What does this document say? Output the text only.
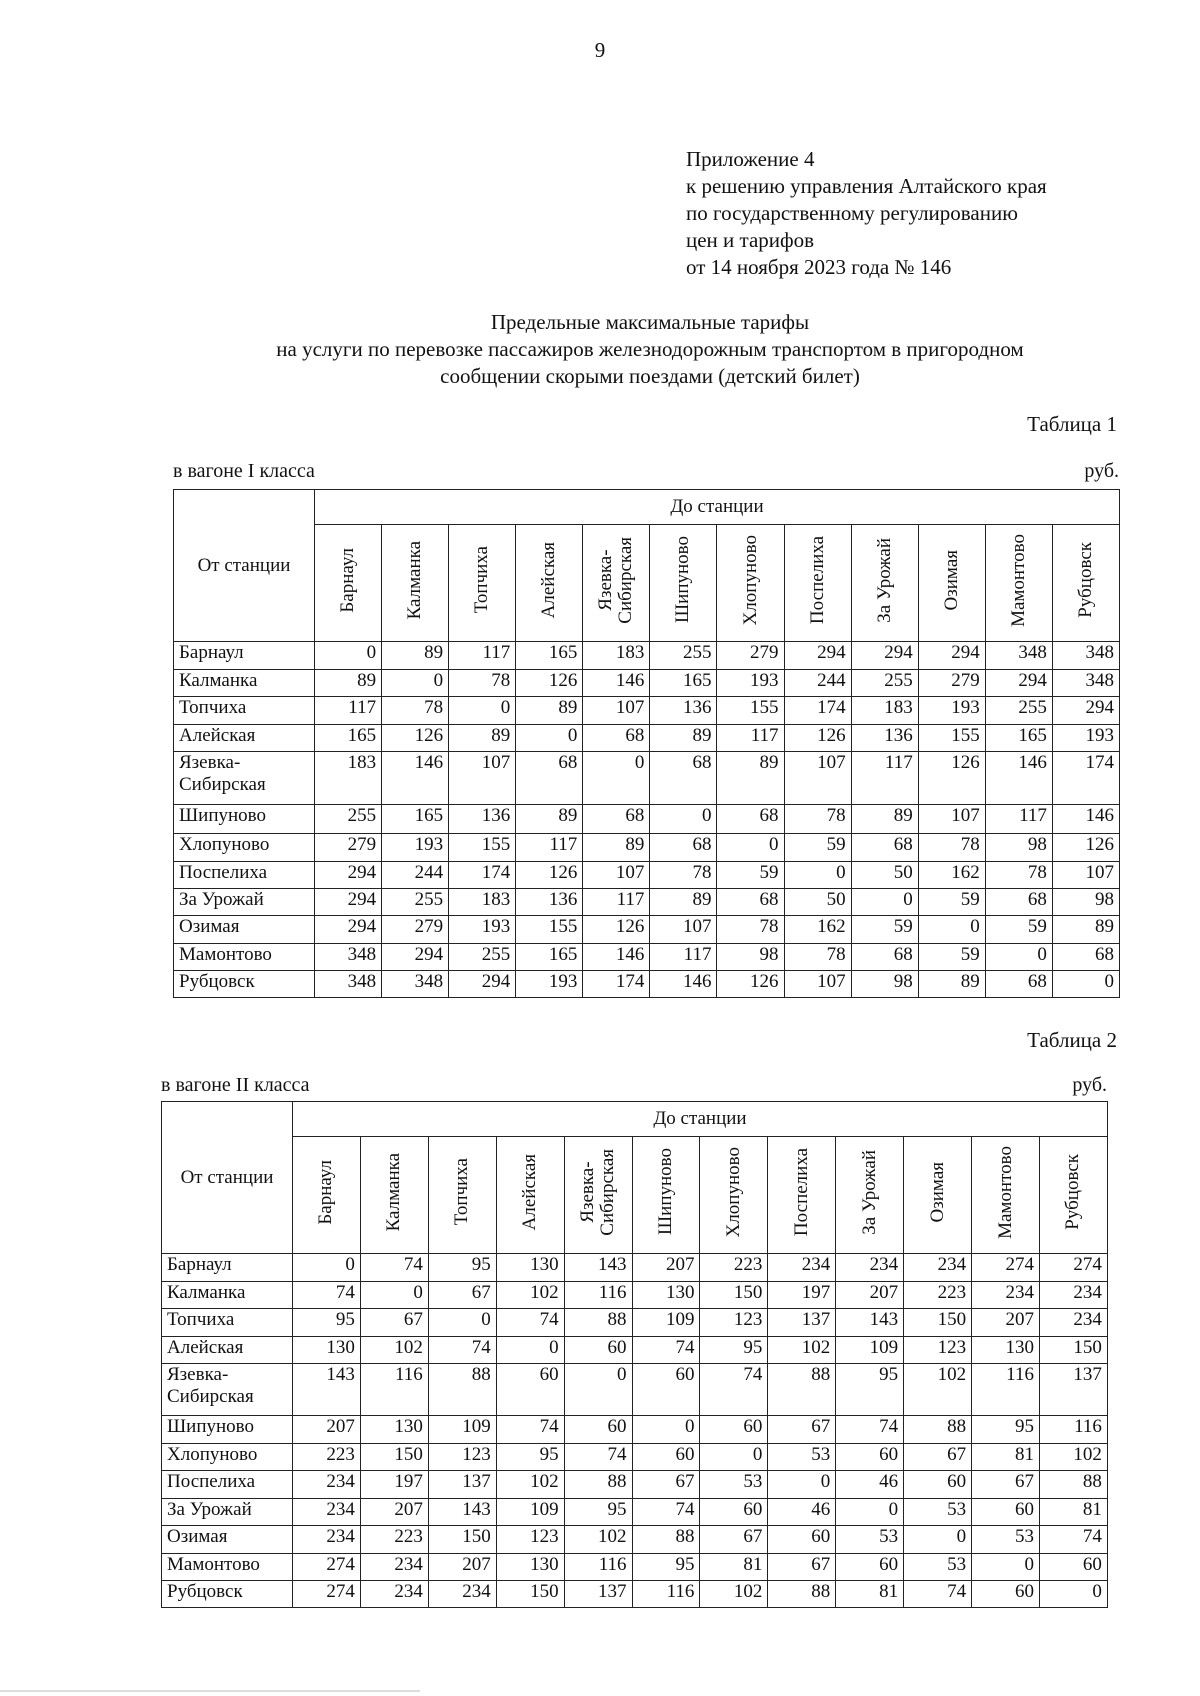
9
Приложение 4
к решению управления Алтайского края
по государственному регулированию
цен и тарифов
от 14 ноября 2023 года № 146
Предельные максимальные тарифы
на услуги по перевозке пассажиров железнодорожным транспортом в пригородном
сообщении скорыми поездами (детский билет)
Таблица 1
в вагоне I класса	руб.
От станции	До станции											
	Барнаул	Калманка	Топчиха	Алейская	Язевка-
Сибирская	Шипуново	Хлопуново	Поспелиха	За Урожай	Озимая	Мамонтово	Рубцовск
Барнаул	0	89	117	165	183	255	279	294	294	294	348	348
Калманка	89	0	78	126	146	165	193	244	255	279	294	348
Топчиха	117	78	0	89	107	136	155	174	183	193	255	294
Алейская	165	126	89	0	68	89	117	126	136	155	165	193
Язевка-
Сибирская	183	146	107	68	0	68	89	107	117	126	146	174
Шипуново	255	165	136	89	68	0	68	78	89	107	117	146
Хлопуново	279	193	155	117	89	68	0	59	68	78	98	126
Поспелиха	294	244	174	126	107	78	59	0	50	162	78	107
За Урожай	294	255	183	136	117	89	68	50	0	59	68	98
Озимая	294	279	193	155	126	107	78	162	59	0	59	89
Мамонтово	348	294	255	165	146	117	98	78	68	59	0	68
Рубцовск	348	348	294	193	174	146	126	107	98	89	68	0
Таблица 2
в вагоне II класса	руб.
От станции	До станции											
	Барнаул	Калманка	Топчиха	Алейская	Язевка-
Сибирская	Шипуново	Хлопуново	Поспелиха	За Урожай	Озимая	Мамонтово	Рубцовск
Барнаул	0	74	95	130	143	207	223	234	234	234	274	274
Калманка	74	0	67	102	116	130	150	197	207	223	234	234
Топчиха	95	67	0	74	88	109	123	137	143	150	207	234
Алейская	130	102	74	0	60	74	95	102	109	123	130	150
Язевка-
Сибирская	143	116	88	60	0	60	74	88	95	102	116	137
Шипуново	207	130	109	74	60	0	60	67	74	88	95	116
Хлопуново	223	150	123	95	74	60	0	53	60	67	81	102
Поспелиха	234	197	137	102	88	67	53	0	46	60	67	88
За Урожай	234	207	143	109	95	74	60	46	0	53	60	81
Озимая	234	223	150	123	102	88	67	60	53	0	53	74
Мамонтово	274	234	207	130	116	95	81	67	60	53	0	60
Рубцовск	274	234	234	150	137	116	102	88	81	74	60	0
